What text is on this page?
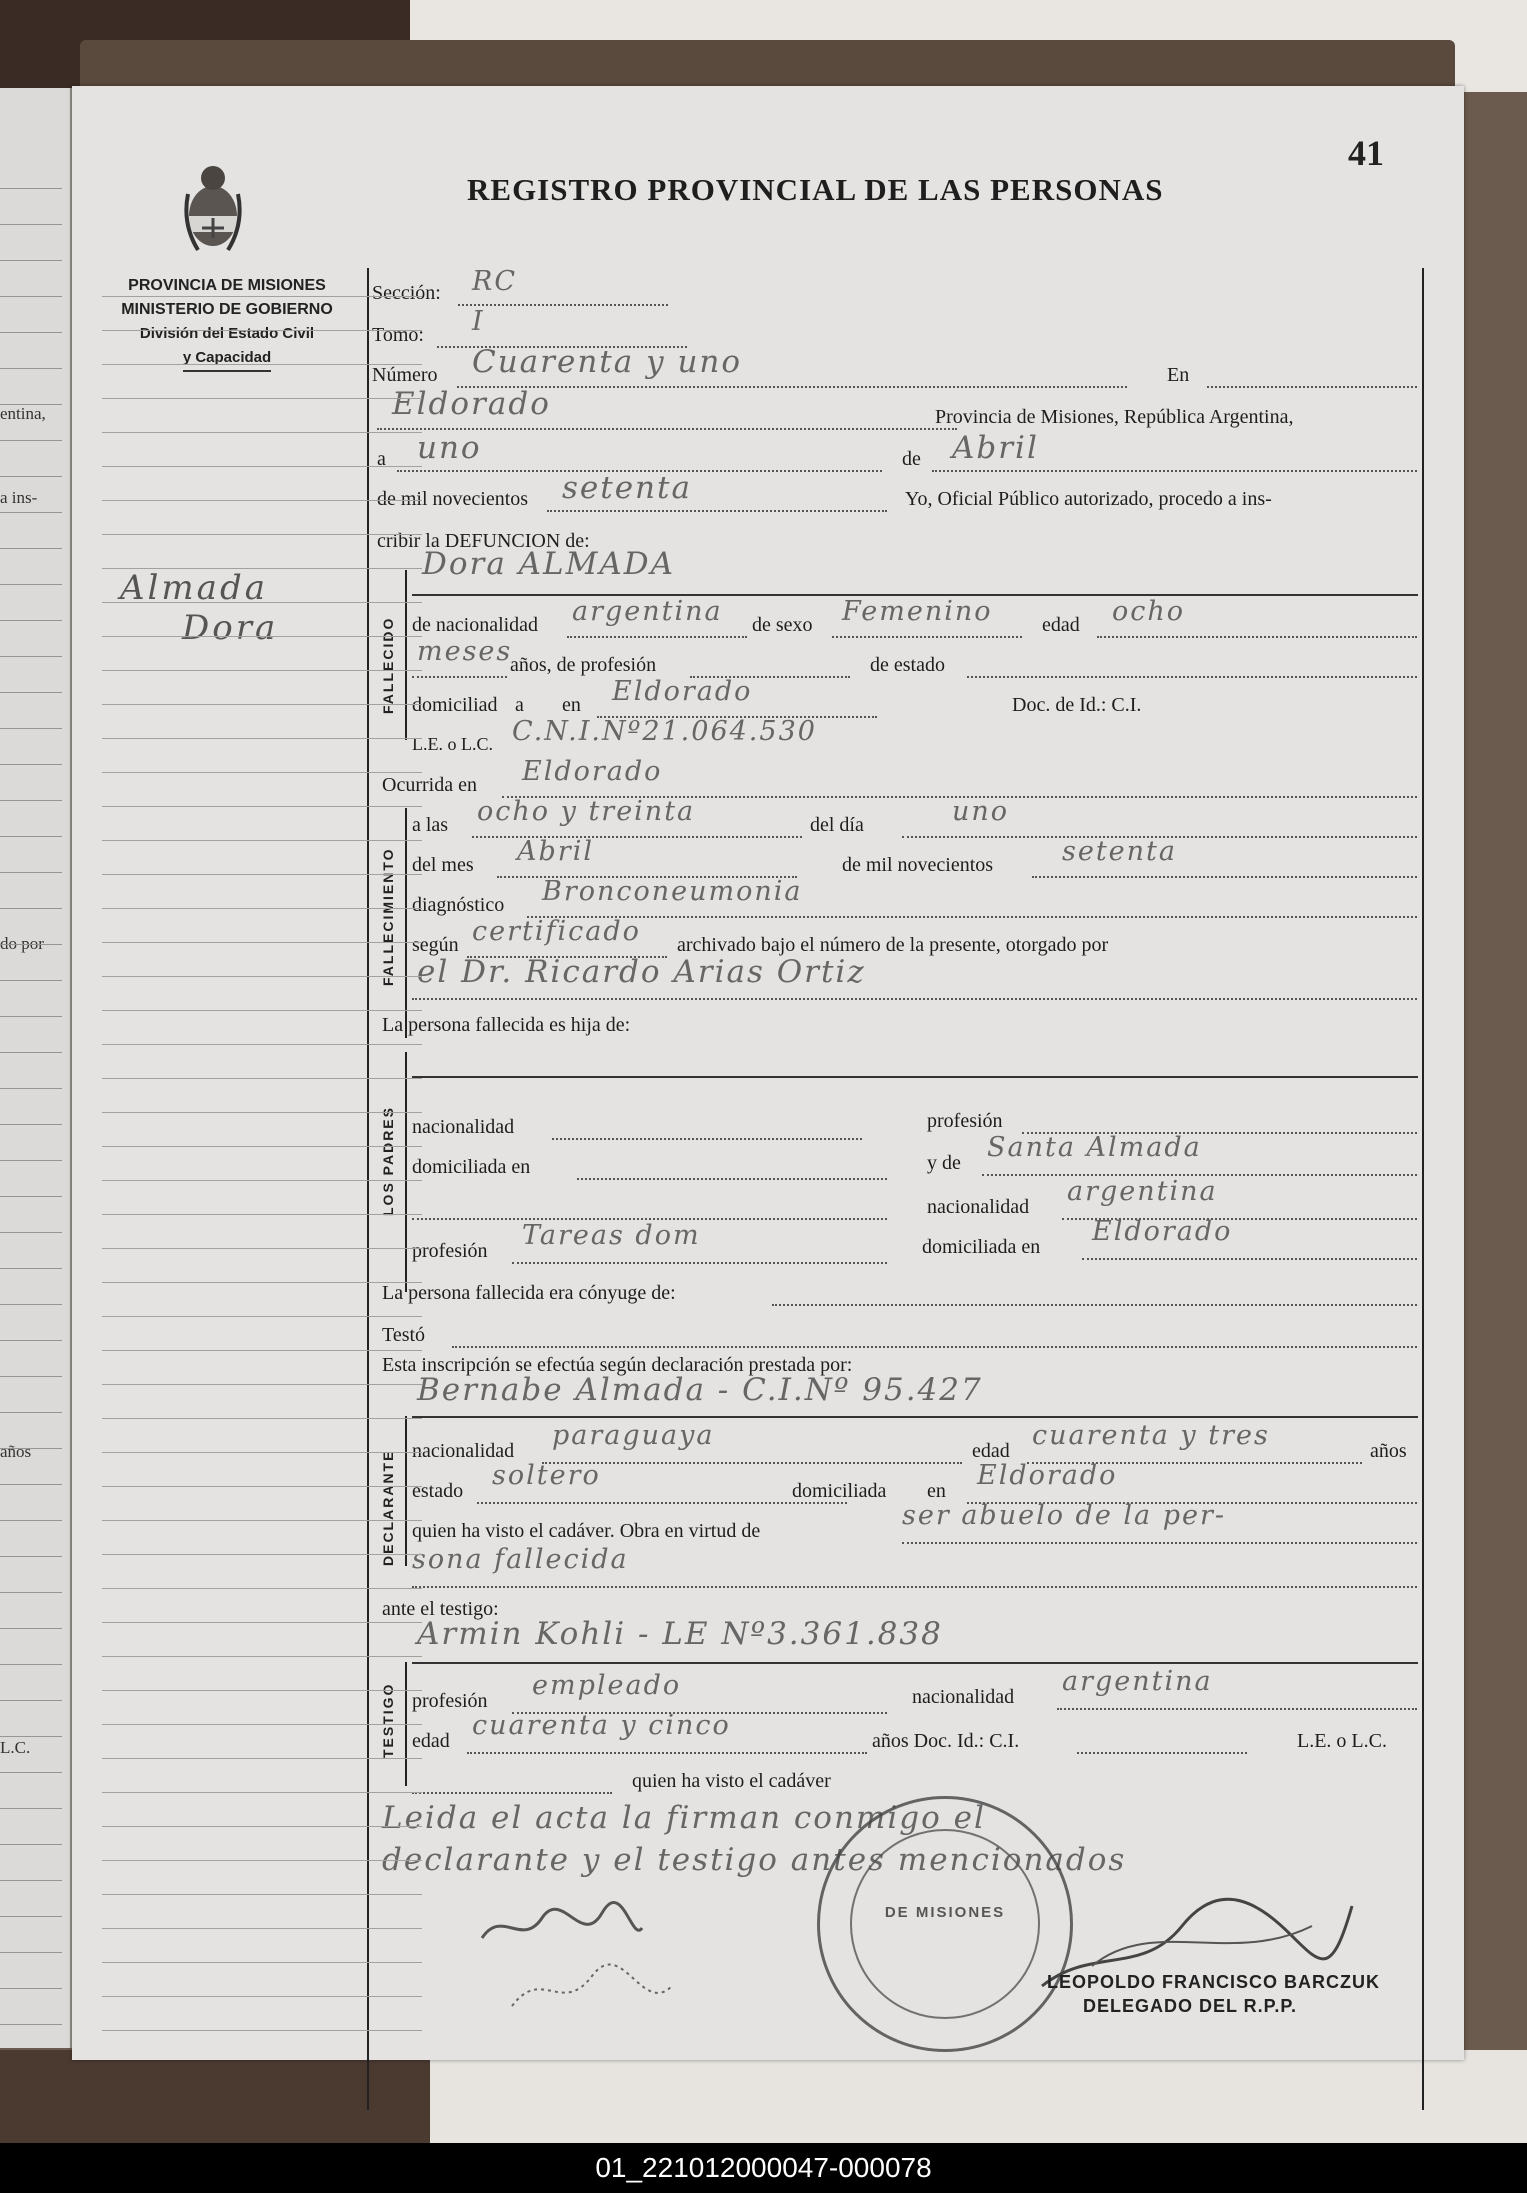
entina,
a ins-
do por
años
L.C.
41
REGISTRO PROVINCIAL DE LAS PERSONAS
PROVINCIA DE MISIONES
MINISTERIO DE GOBIERNO
División del Estado Civil
y Capacidad
Almada
Dora
Sección: RC
Tomo: I
Número Cuarenta y uno	En
Eldorado	Provincia de Misiones, República Argentina,
a uno	de Abril
de mil novecientos setenta	Yo, Oficial Público autorizado, procedo a ins-
cribir la DEFUNCION de:
FALLECIDO
Dora ALMADA
de nacionalidad argentina de sexo Femenino edad ocho
meses
años, de profesión	de estado
domiciliad a en Eldorado	Doc. de Id.: C.I.
L.E. o L.C. C.N.I.Nº21.064.530
Ocurrida en Eldorado
FALLECIMIENTO
a las ocho y treinta	del día	uno
del mes Abril	de mil novecientos	setenta
diagnóstico Bronconeumonia
según certificado archivado bajo el número de la presente, otorgado por
el Dr. Ricardo Arias Ortiz
La persona fallecida es hija de:
LOS PADRES nacionalidad	profesión
domiciliada en	y de Santa Almada
nacionalidad argentina
profesión Tareas dom	domiciliada en Eldorado
La persona fallecida era cónyuge de:
Testó
Esta inscripción se efectúa según declaración prestada por:
Bernabe Almada - C.I.Nº 95.427
DECLARANTE nacionalidad paraguaya	edad cuarenta y tres	años
estado soltero	domiciliada en Eldorado
quien ha visto el cadáver. Obra en virtud de	ser abuelo de la per-
sona fallecida
ante el testigo:
Armin Kohli - LE Nº3.361.838
TESTIGO profesión empleado	nacionalidad argentina
edad cuarenta y cinco	años Doc. Id.: C.I.	L.E. o L.C.
quien ha visto el cadáver
Leida el acta la firman conmigo el
declarante y el testigo antes mencionados
DE MISIONES
LEOPOLDO FRANCISCO BARCZUK
DELEGADO DEL R.P.P.
01_221012000047-000078
